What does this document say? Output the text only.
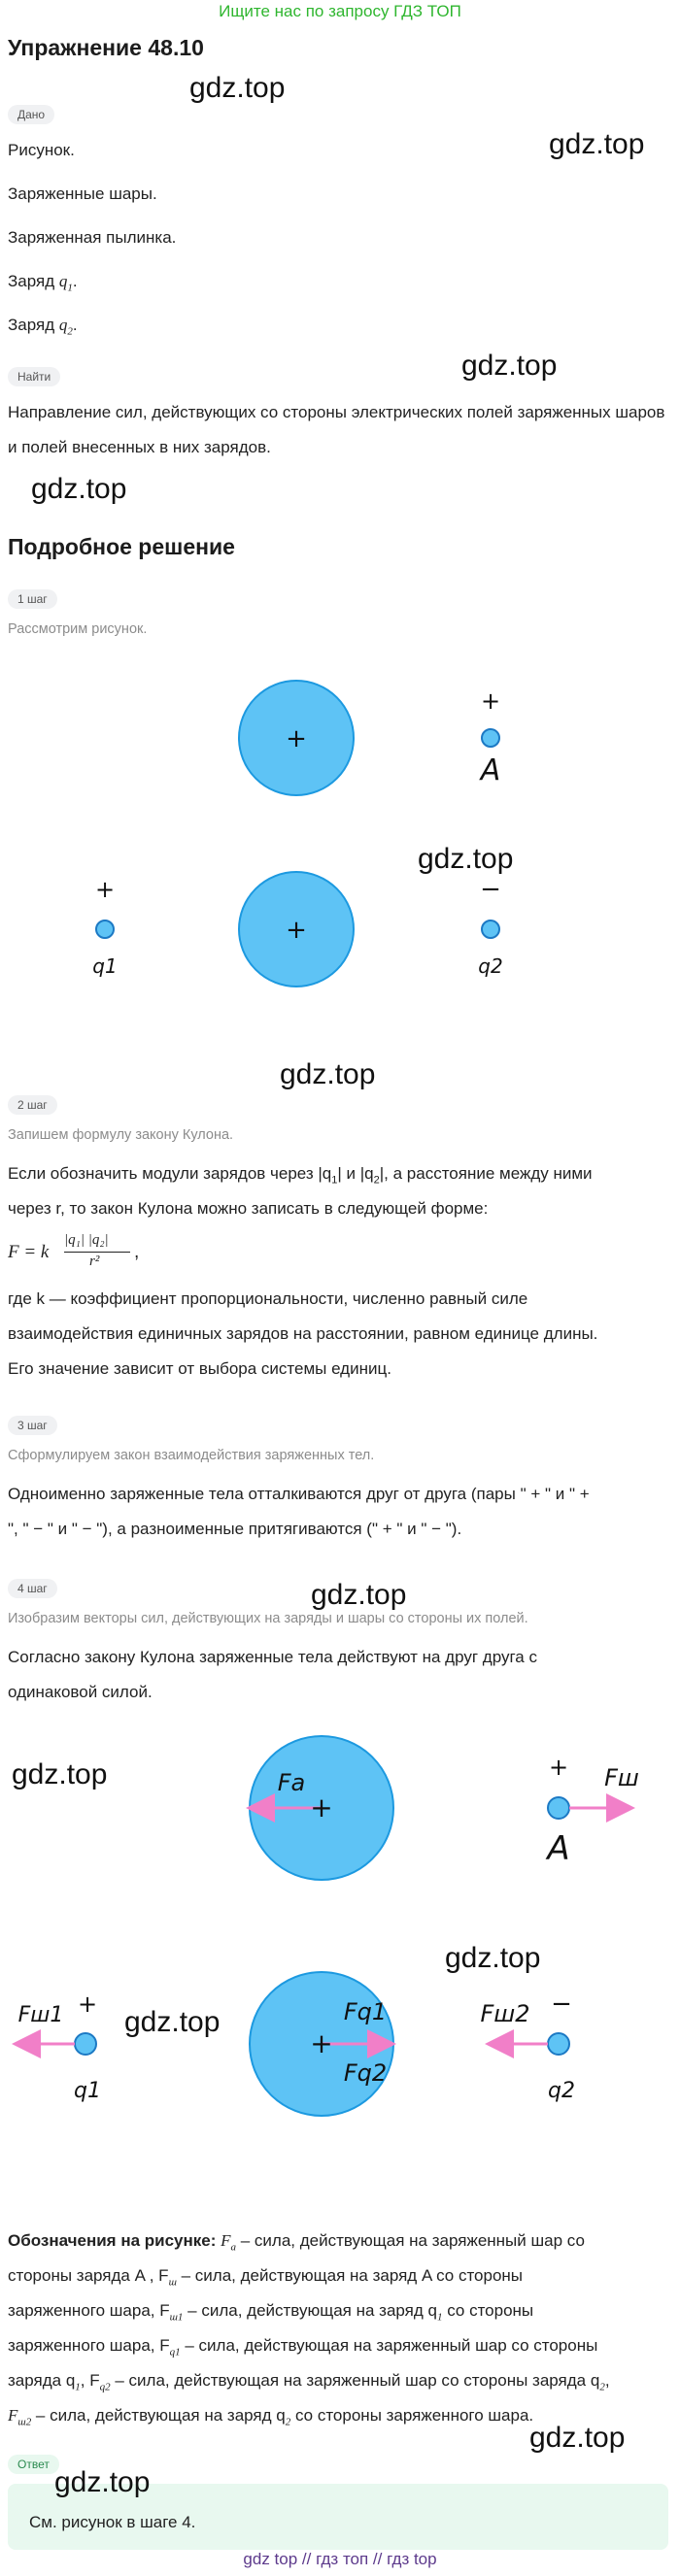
Ищите нас по запросу ГДЗ ТОП
Упражнение 48.10
Дано
Рисунок.
Заряженные шары.
Заряженная пылинка.
Заряд $q_1$.
Заряд $q_2$.
Найти
Направление сил, действующих со стороны электрических полей заряженных шаров и полей внесенных в них зарядов.
Подробное решение
1 шаг
Рассмотрим рисунок.
+
+
A
+
+
q1
−
q2
2 шаг
Запишем формулу закону Кулона.
Если обозначить модули зарядов через $|q_1|$ и $|q_2|$, а расстояние между ними
через r, то закон Кулона можно записать в следующей форме:
F = k
|q₁| |q₂|
r² ,
где k — коэффициент пропорциональности, численно равный силе
взаимодействия единичных зарядов на расстоянии, равном единице длины.
Его значение зависит от выбора системы единиц.
3 шаг
Сформулируем закон взаимодействия заряженных тел.
Одноименно заряженные тела отталкиваются друг от друга (пары " + " и " +
", " − " и " − "), а разноименные притягиваются (" + " и " − ").
4 шаг
Изобразим векторы сил, действующих на заряды и шары со стороны их полей.
Согласно закону Кулона заряженные тела действуют на друг друга с
одинаковой силой.
+
Fa
+ Fш
A
+
Fq1
Fq2
+
Fш1
q1
Fш2 −
q2
Обозначения на рисунке: $F_a$ – сила, действующая на заряженный шар со
стороны заряда A , $F_ш$ – сила, действующая на заряд A со стороны
заряженного шара, $F_{ш1}$ – сила, действующая на заряд $q_1$ со стороны
заряженного шара, $F_{q1}$ – сила, действующая на заряженный шар со стороны
заряда $q_1$, $F_{q2}$ – сила, действующая на заряженный шар со стороны заряда $q_2$,
$F_{ш2}$ – сила, действующая на заряд $q_2$ со стороны заряженного шара.
Ответ
См. рисунок в шаге 4.
gdz top // гдз топ // гдз top
gdz.top
gdz.top
gdz.top
gdz.top
gdz.top
gdz.top
gdz.top
gdz.top
gdz.top
gdz.top
gdz.top
gdz.top
